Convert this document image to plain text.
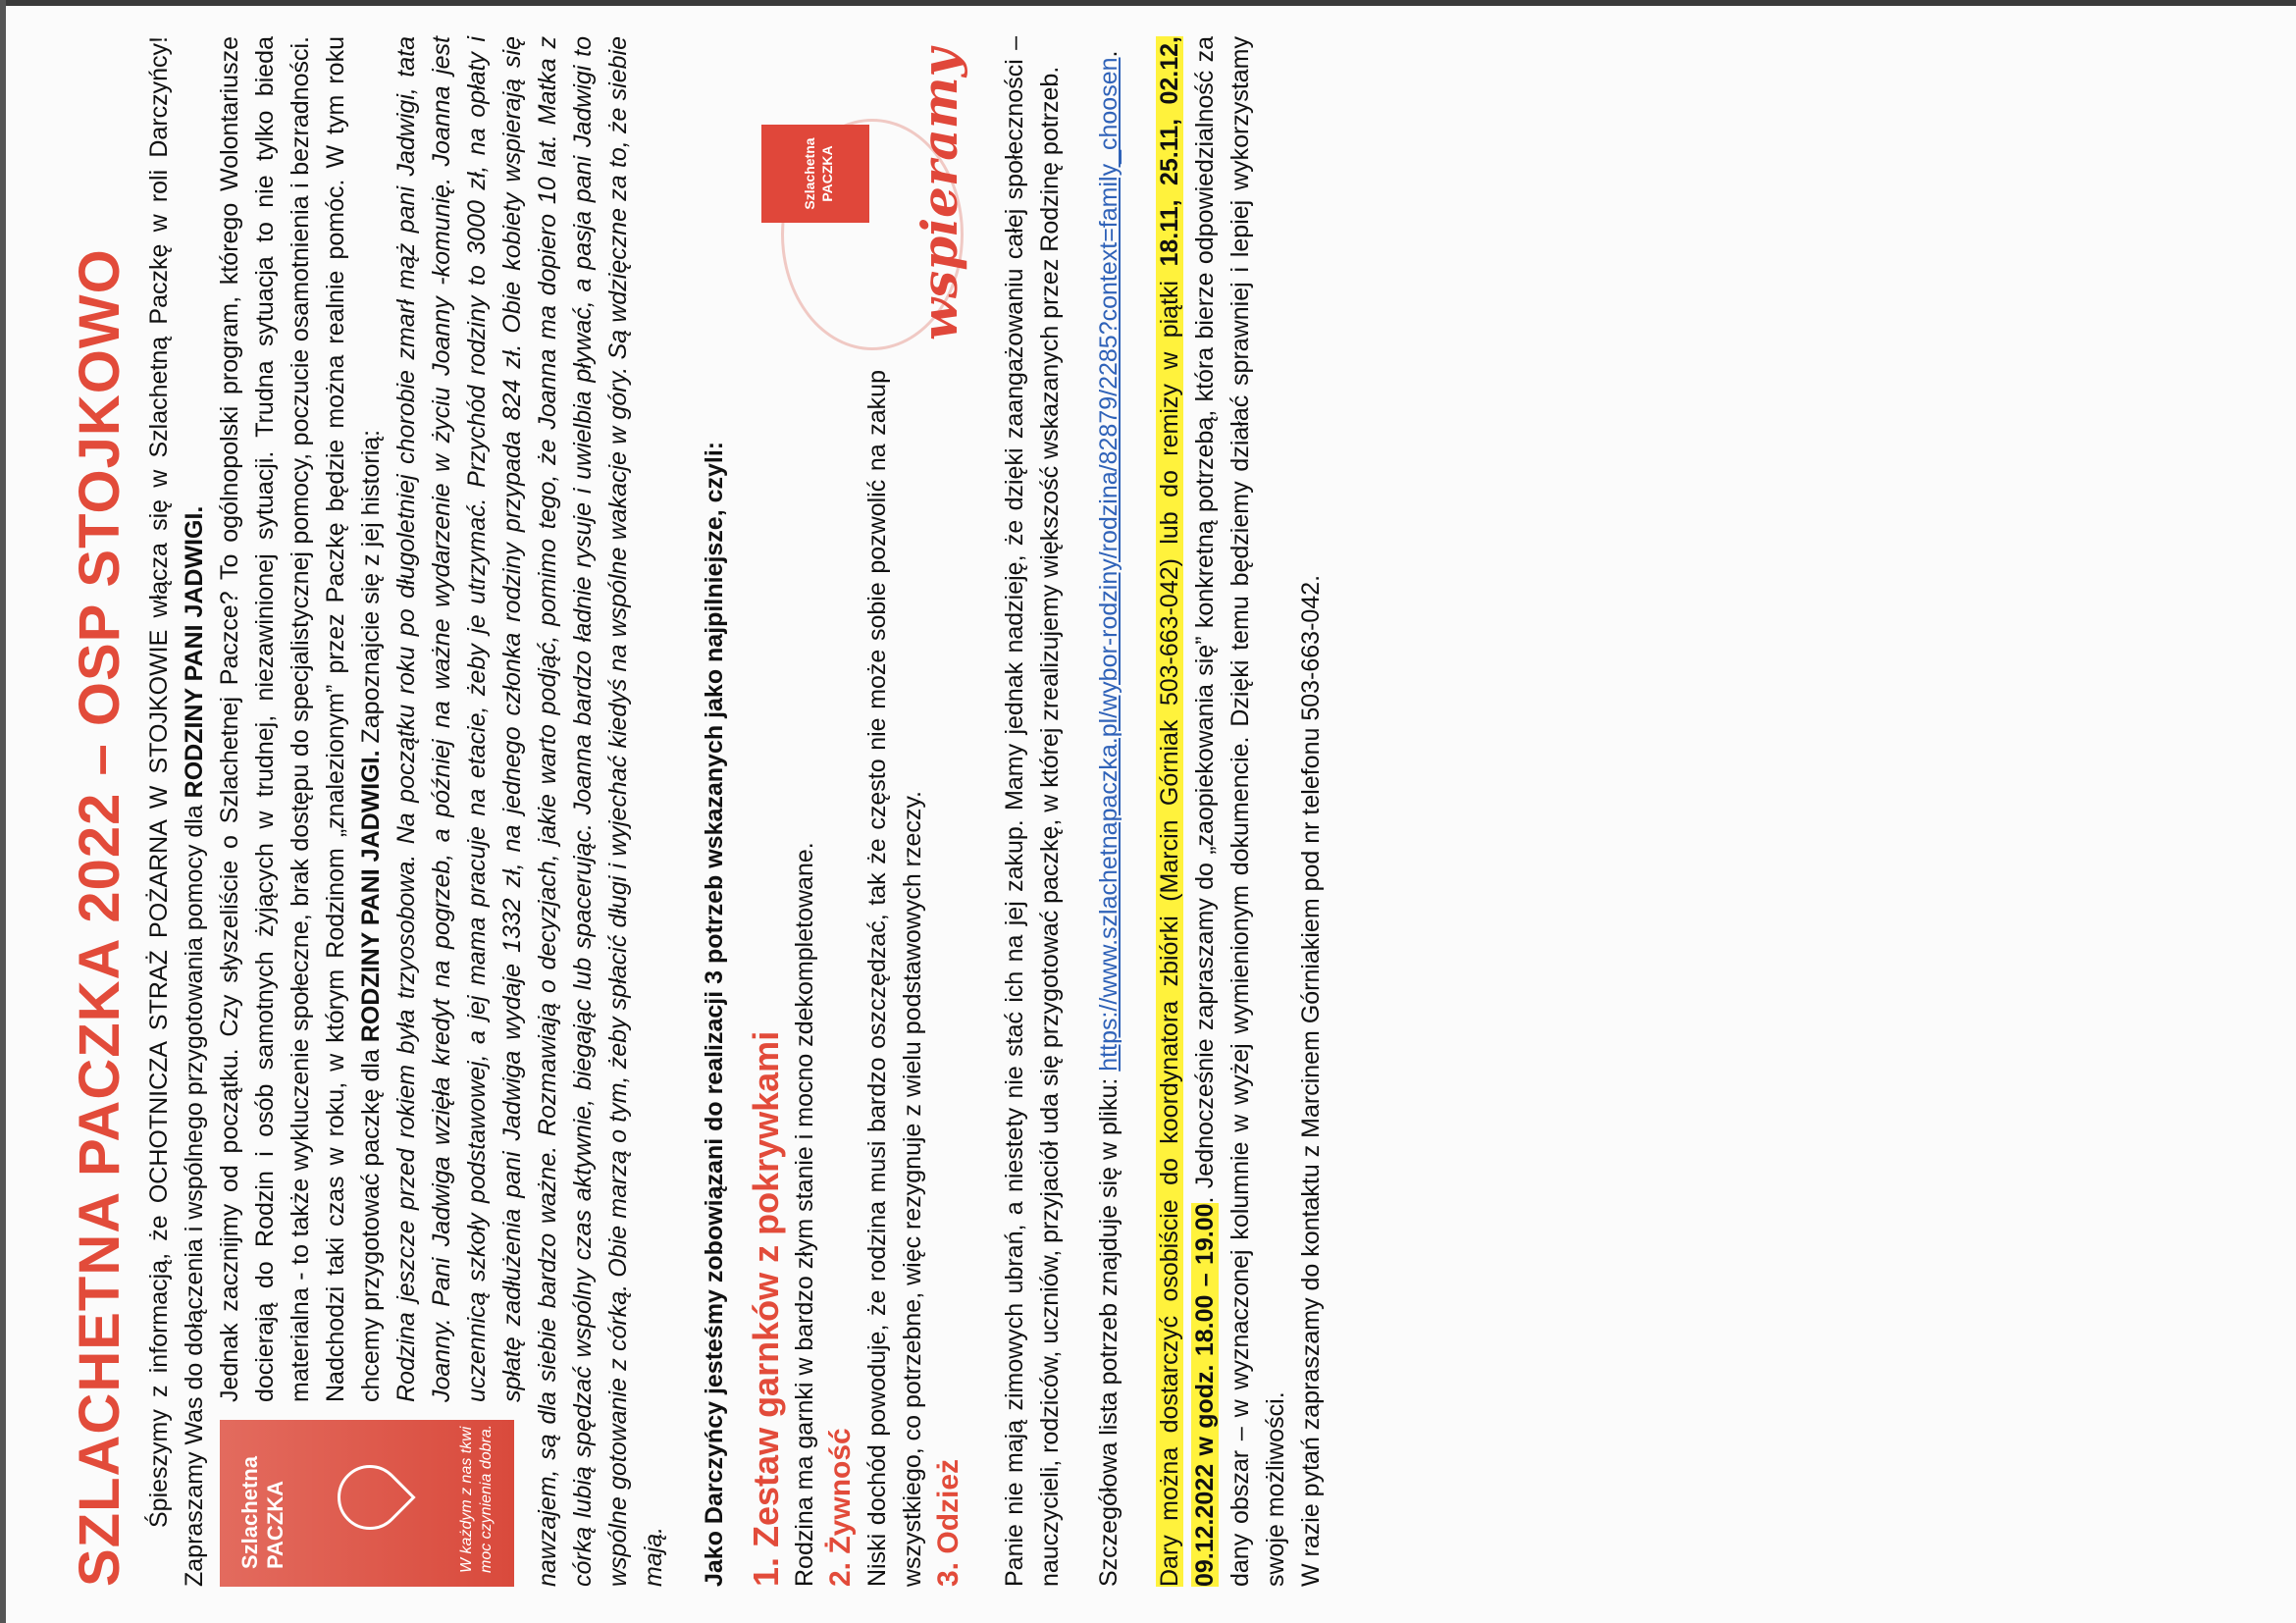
SZLACHETNA PACZKA 2022 – OSP STOJKOWO Śpieszymy z informacją, że OCHOTNICZA STRAŻ POŻARNA W STOJKOWIE włącza się w Szlachetną Paczkę w roli Darczyńcy! Zapraszamy Was do dołączenia i wspólnego przygotowania pomocy dla RODZINY PANI JADWIGI.

Szlachetna PACZKA	W każdym z nas tkwi moc czynienia dobra.

Jednak zacznijmy od początku. Czy słyszeliście o Szlachetnej Paczce? To ogólnopolski program, którego Wolontariusze docierają do Rodzin i osób samotnych żyjących w trudnej, niezawinionej sytuacji. Trudna sytuacja to nie tylko bieda materialna - to także wykluczenie społeczne, brak dostępu do specjalistycznej pomocy, poczucie osamotnienia i bezradności. Nadchodzi taki czas w roku, w którym Rodzinom „znalezionym” przez Paczkę będzie można realnie pomóc. W tym roku chcemy przygotować paczkę dla RODZINY PANI JADWIGI. Zapoznajcie się z jej historią: Rodzina jeszcze przed rokiem była trzyosobowa. Na początku roku po długoletniej chorobie zmarł mąż pani Jadwigi, tata Joanny. Pani Jadwiga wzięła kredyt na pogrzeb, a później na ważne wydarzenie w życiu Joanny -komunię. Joanna jest uczennicą szkoły podstawowej, a jej mama pracuje na etacie, żeby je utrzymać. Przychód rodziny to 3000 zł, na opłaty i spłatę zadłużenia pani Jadwiga wydaje 1332 zł, na jednego członka rodziny przypada 824 zł. Obie kobiety wspierają się nawzajem, są dla siebie bardzo ważne. Rozmawiają o decyzjach, jakie warto podjąć, pomimo tego, że Joanna ma dopiero 10 lat. Matka z córką lubią spędzać wspólny czas aktywnie, biegając lub spacerując. Joanna bardzo ładnie rysuje i uwielbia pływać, a pasja pani Jadwigi to wspólne gotowanie z córką. Obie marzą o tym, żeby spłacić długi i wyjechać kiedyś na wspólne wakacje w góry. Są wdzięczne za to, że siebie mają. Jako Darczyńcy jesteśmy zobowiązani do realizacji 3 potrzeb wskazanych jako najpilniejsze, czyli:

Szlachetna PACZKA wspieramy
1. Zestaw garnków z pokrywkami Rodzina ma garnki w bardzo złym stanie i mocno zdekompletowane. 2. Żywność Niski dochód powoduje, że rodzina musi bardzo oszczędzać, tak że często nie może sobie pozwolić na zakup wszystkiego, co potrzebne, więc rezygnuje z wielu podstawowych rzeczy. 3. Odzież Panie nie mają zimowych ubrań, a niestety nie stać ich na jej zakup. Mamy jednak nadzieję, że dzięki zaangażowaniu całej społeczności – nauczycieli, rodziców, uczniów, przyjaciół uda się przygotować paczkę, w której zrealizujemy większość wskazanych przez Rodzinę potrzeb. Szczegółowa lista potrzeb znajduje się w pliku: https://www.szlachetnapaczka.pl/wybor-rodziny/rodzina/82879/2285?context=family_choosen.

Dary można dostarczyć osobiście do koordynatora zbiórki (Marcin Górniak 503-663-042) lub do remizy w piątki 18.11, 25.11, 02.12, 09.12.2022 w godz. 18.00 – 19.00. Jednocześnie zapraszamy do „zaopiekowania się” konkretną potrzebą, która bierze odpowiedzialność za dany obszar – w wyznaczonej kolumnie w wyżej wymienionym dokumencie. Dzięki temu będziemy działać sprawniej i lepiej wykorzystamy swoje możliwości. W razie pytań zapraszamy do kontaktu z Marcinem Górniakiem pod nr telefonu 503-663-042.
